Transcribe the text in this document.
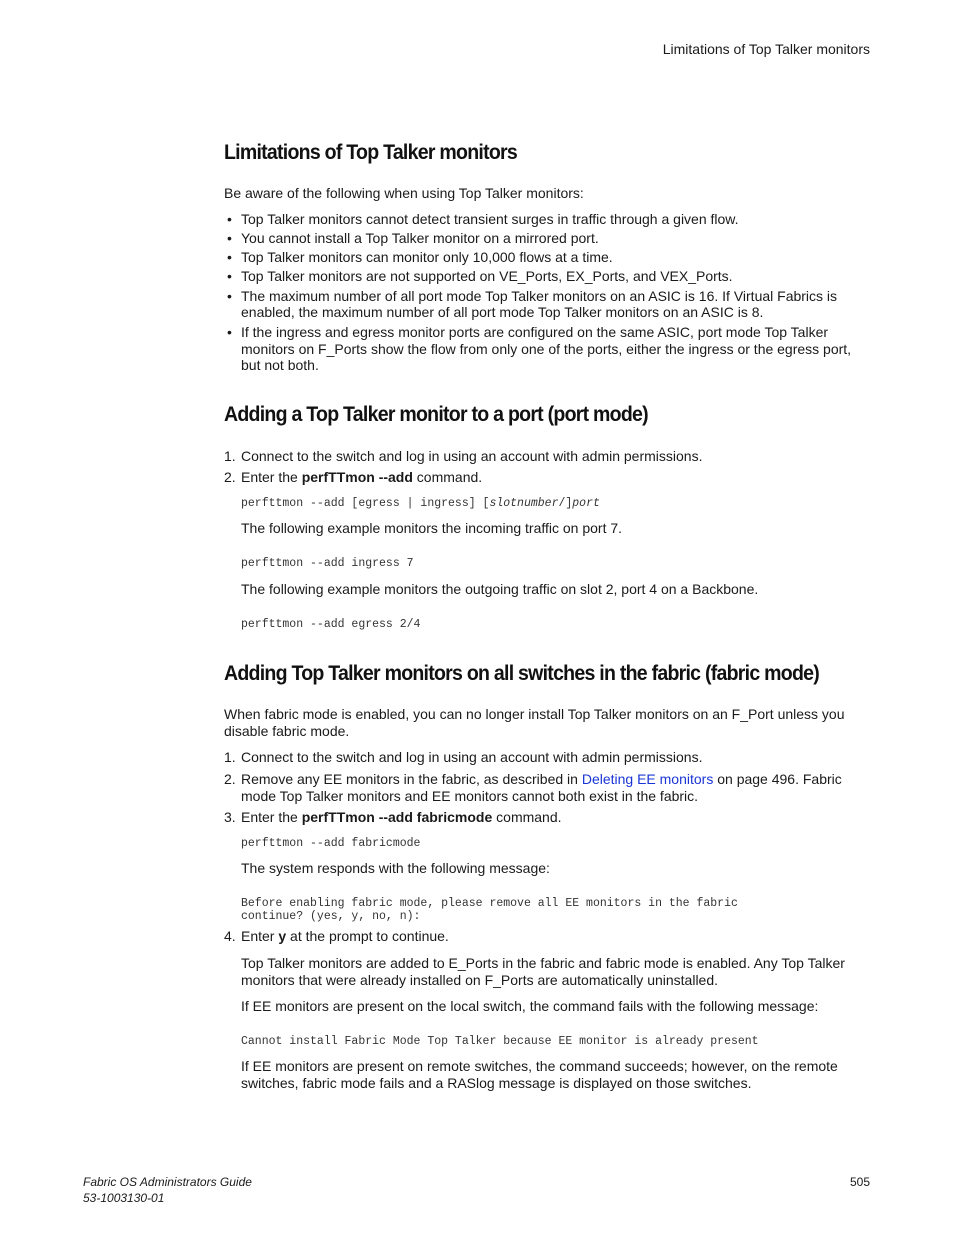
Limitations of Top Talker monitors
Limitations of Top Talker monitors
Be aware of the following when using Top Talker monitors:
• Top Talker monitors cannot detect transient surges in traffic through a given flow.
• You cannot install a Top Talker monitor on a mirrored port.
• Top Talker monitors can monitor only 10,000 flows at a time.
• Top Talker monitors are not supported on VE_Ports, EX_Ports, and VEX_Ports.
• The maximum number of all port mode Top Talker monitors on an ASIC is 16. If Virtual Fabrics is
enabled, the maximum number of all port mode Top Talker monitors on an ASIC is 8.
• If the ingress and egress monitor ports are configured on the same ASIC, port mode Top Talker
monitors on F_Ports show the flow from only one of the ports, either the ingress or the egress port,
but not both.
Adding a Top Talker monitor to a port (port mode)
1. Connect to the switch and log in using an account with admin permissions.
2. Enter the perfTTmon --add command.
perfttmon --add [egress | ingress] [slotnumber/]port
The following example monitors the incoming traffic on port 7.
perfttmon --add ingress 7
The following example monitors the outgoing traffic on slot 2, port 4 on a Backbone.
perfttmon --add egress 2/4
Adding Top Talker monitors on all switches in the fabric (fabric mode)
When fabric mode is enabled, you can no longer install Top Talker monitors on an F_Port unless you
disable fabric mode.
1. Connect to the switch and log in using an account with admin permissions.
2. Remove any EE monitors in the fabric, as described in Deleting EE monitors on page 496. Fabric
mode Top Talker monitors and EE monitors cannot both exist in the fabric.
3. Enter the perfTTmon --add fabricmode command.
perfttmon --add fabricmode
The system responds with the following message:
Before enabling fabric mode, please remove all EE monitors in the fabric
continue? (yes, y, no, n):
4. Enter y at the prompt to continue.
Top Talker monitors are added to E_Ports in the fabric and fabric mode is enabled. Any Top Talker
monitors that were already installed on F_Ports are automatically uninstalled.
If EE monitors are present on the local switch, the command fails with the following message:
Cannot install Fabric Mode Top Talker because EE monitor is already present
If EE monitors are present on remote switches, the command succeeds; however, on the remote
switches, fabric mode fails and a RASlog message is displayed on those switches.
Fabric OS Administrators Guide
53-1003130-01
505
